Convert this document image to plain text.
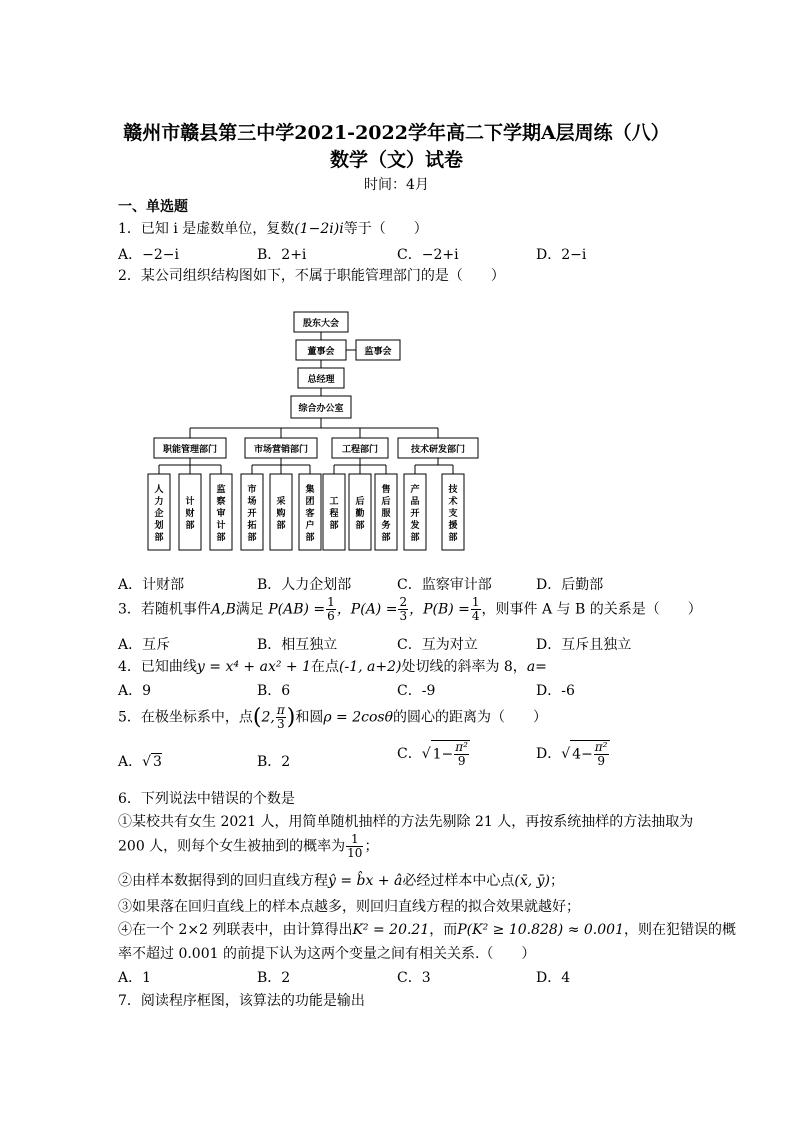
赣州市赣县第三中学2021-2022学年高二下学期A层周练（八）
数学（文）试卷
时间：4月
一、单选题
1．已知 i 是虚数单位，复数(1−2i)i等于（　　）
A．−2−i	B．2+i	C．−2+i	D．2−i
2．某公司组织结构图如下，不属于职能管理部门的是（　　）
股东大会
董事会	监事会
总经理
综合办公室
职能管理部门	市场营销部门	工程部门	技术研发部门
人力企划部
计财部
监察审计部
市场开拓部
采购部
集团客户部
工程部
后勤部
售后服务部
产品开发部
技术支援部
A．计财部	B．人力企划部	C．监察审计部	D．后勤部
3．若随机事件A,B满足 $P(AB) = \frac{1}{6}$ ，$P(A) = \frac{2}{3}$ ，$P(B) = \frac{1}{4}$ ，则事件 A 与 B 的关系是（　　）
A．互斥	B．相互独立	C．互为对立	D．互斥且独立
4．已知曲线y = x⁴ + ax² + 1在点(-1, a+2)处切线的斜率为 8，a=
A．9	B．6	C．-9	D．-6
5．在极坐标系中，点(2, $\frac{\pi}{3}$ )和圆ρ = 2cosθ的圆心的距离为（　　）
A．√ 3	B．2	C．√ $1- \frac{\text{π²}}{9}$	D．√ $4- \frac{\text{π²}}{9}$
6．下列说法中错误的个数是
①某校共有女生 2021 人，用简单随机抽样的方法先剔除 21 人，再按系统抽样的方法抽取为
200 人，则每个女生被抽到的概率为 $\frac{1}{10}$ ；
②由样本数据得到的回归直线方程ŷ = b̂x + â必经过样本中心点(x̄, ȳ)；
③如果落在回归直线上的样本点越多，则回归直线方程的拟合效果就越好；
④在一个 2×2 列联表中，由计算得出K² = 20.21，而P(K² ≥ 10.828) ≈ 0.001，则在犯错误的概
率不超过 0.001 的前提下认为这两个变量之间有相关关系.（　　）
A．1	B．2	C．3	D．4
7．阅读程序框图，该算法的功能是输出
